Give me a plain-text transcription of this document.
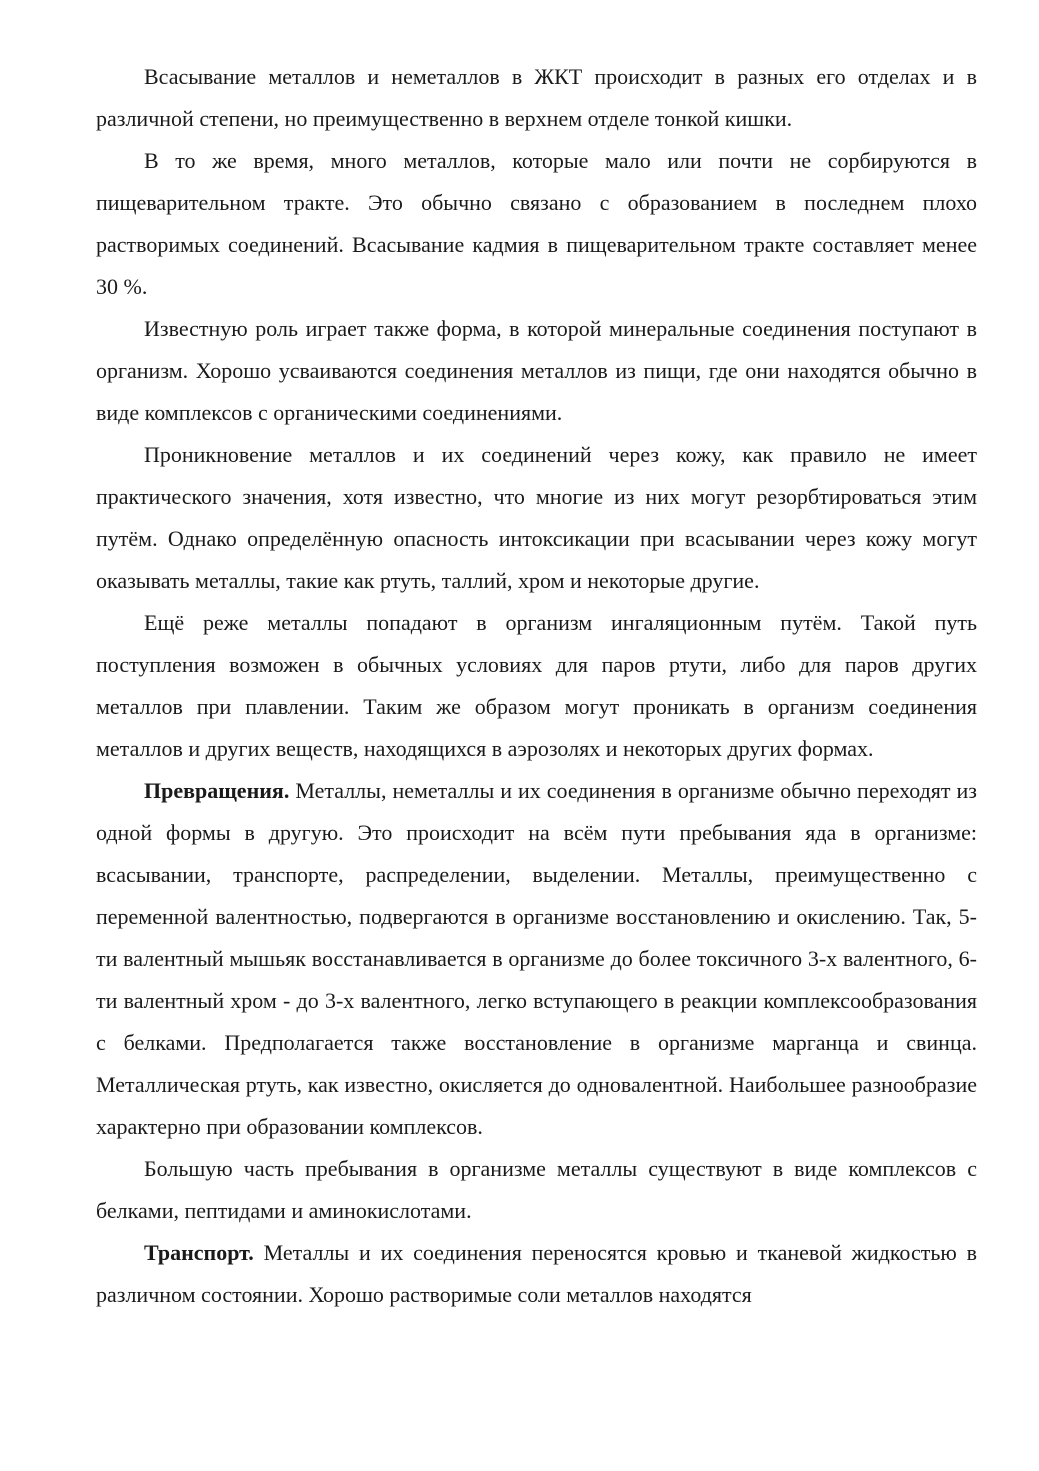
Всасывание металлов и неметаллов в ЖКТ происходит в разных его отделах и в различной степени, но преимущественно в верхнем отделе тонкой кишки.

В то же время, много металлов, которые мало или почти не сорбируются в пищеварительном тракте. Это обычно связано с образованием в последнем плохо растворимых соединений. Всасывание кадмия в пищеварительном тракте составляет менее 30 %.

Известную роль играет также форма, в которой минеральные соединения поступают в организм. Хорошо усваиваются соединения металлов из пищи, где они находятся обычно в виде комплексов с органическими соединениями.

Проникновение металлов и их соединений через кожу, как правило не имеет практического значения, хотя известно, что многие из них могут резорбтироваться этим путём. Однако определённую опасность интоксикации при всасывании через кожу могут оказывать металлы, такие как ртуть, таллий, хром и некоторые другие.

Ещё реже металлы попадают в организм ингаляционным путём. Такой путь поступления возможен в обычных условиях для паров ртути, либо для паров других металлов при плавлении. Таким же образом могут проникать в организм соединения металлов и других веществ, находящихся в аэрозолях и некоторых других формах.

Превращения. Металлы, неметаллы и их соединения в организме обычно переходят из одной формы в другую. Это происходит на всём пути пребывания яда в организме: всасывании, транспорте, распределении, выделении. Металлы, преимущественно с переменной валентностью, подвергаются в организме восстановлению и окислению. Так, 5-ти валентный мышьяк восстанавливается в организме до более токсичного 3-х валентного, 6-ти валентный хром - до 3-х валентного, легко вступающего в реакции комплексообразования с белками. Предполагается также восстановление в организме марганца и свинца. Металлическая ртуть, как известно, окисляется до одновалентной. Наибольшее разнообразие характерно при образовании комплексов.

Большую часть пребывания в организме металлы существуют в виде комплексов с белками, пептидами и аминокислотами.

Транспорт. Металлы и их соединения переносятся кровью и тканевой жидкостью в различном состоянии. Хорошо растворимые соли металлов находятся
